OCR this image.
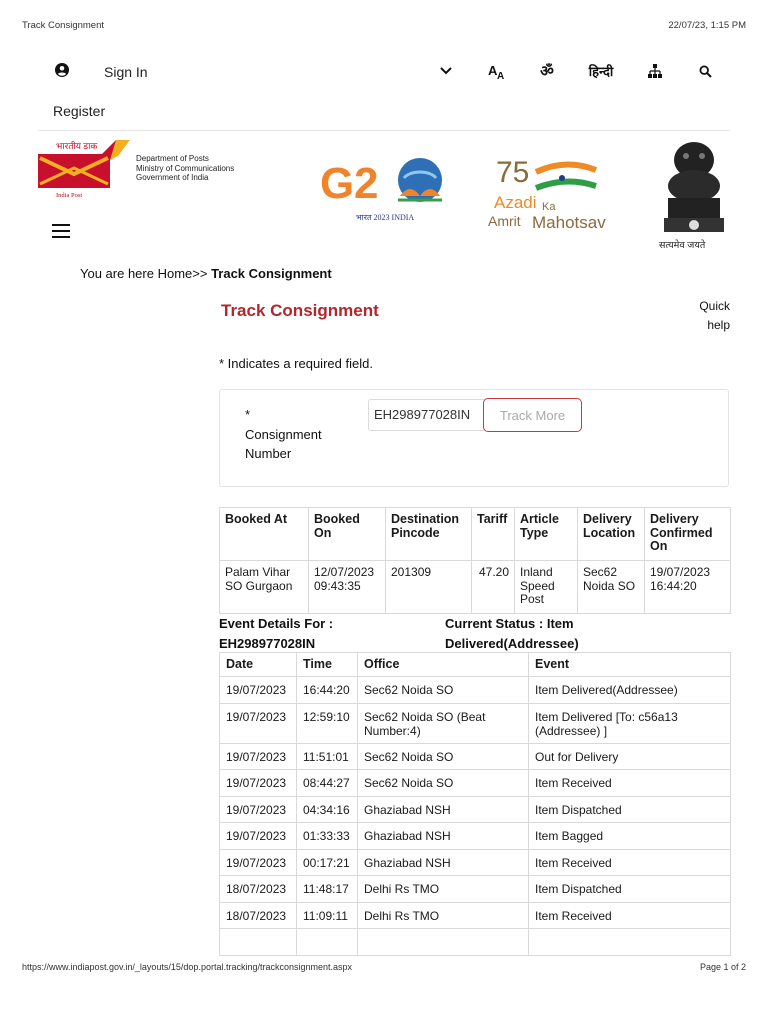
Track Consignment	22/07/23, 1:15 PM
Sign In	A A ॐ	हिन्दी
Register
भारतीय डाक
India Post
Department of Posts
Ministry of Communications
Government of India	G 2
भारत 2023 INDIA
75
Azadi Ka
Amrit Mahotsav
सत्यमेव जयते
You are here Home>> Track Consignment
Track Consignment	Quick help
* Indicates a required field.
*
Consignment Number
EH298977028IN	Track More
Booked At	Booked On	Destination Pincode	Tariff	Article Type	Delivery Location	Delivery Confirmed On
Palam Vihar SO Gurgaon	12/07/2023 09:43:35	201309	47.20	Inland Speed Post	Sec62 Noida SO	19/07/2023 16:44:20
Event Details For :
EH298977028IN
Current Status : Item
Delivered(Addressee)
Date	Time	Office	Event
19/07/2023	16:44:20	Sec62 Noida SO	Item Delivered(Addressee)
19/07/2023	12:59:10	Sec62 Noida SO (Beat Number:4)	Item Delivered [To: c56a13 (Addressee) ]
19/07/2023	11:51:01	Sec62 Noida SO	Out for Delivery
19/07/2023	08:44:27	Sec62 Noida SO	Item Received
19/07/2023	04:34:16	Ghaziabad NSH	Item Dispatched
19/07/2023	01:33:33	Ghaziabad NSH	Item Bagged
19/07/2023	00:17:21	Ghaziabad NSH	Item Received
18/07/2023	11:48:17	Delhi Rs TMO	Item Dispatched
18/07/2023	11:09:11	Delhi Rs TMO	Item Received

https://www.indiapost.gov.in/_layouts/15/dop.portal.tracking/trackconsignment.aspx	Page 1 of 2
